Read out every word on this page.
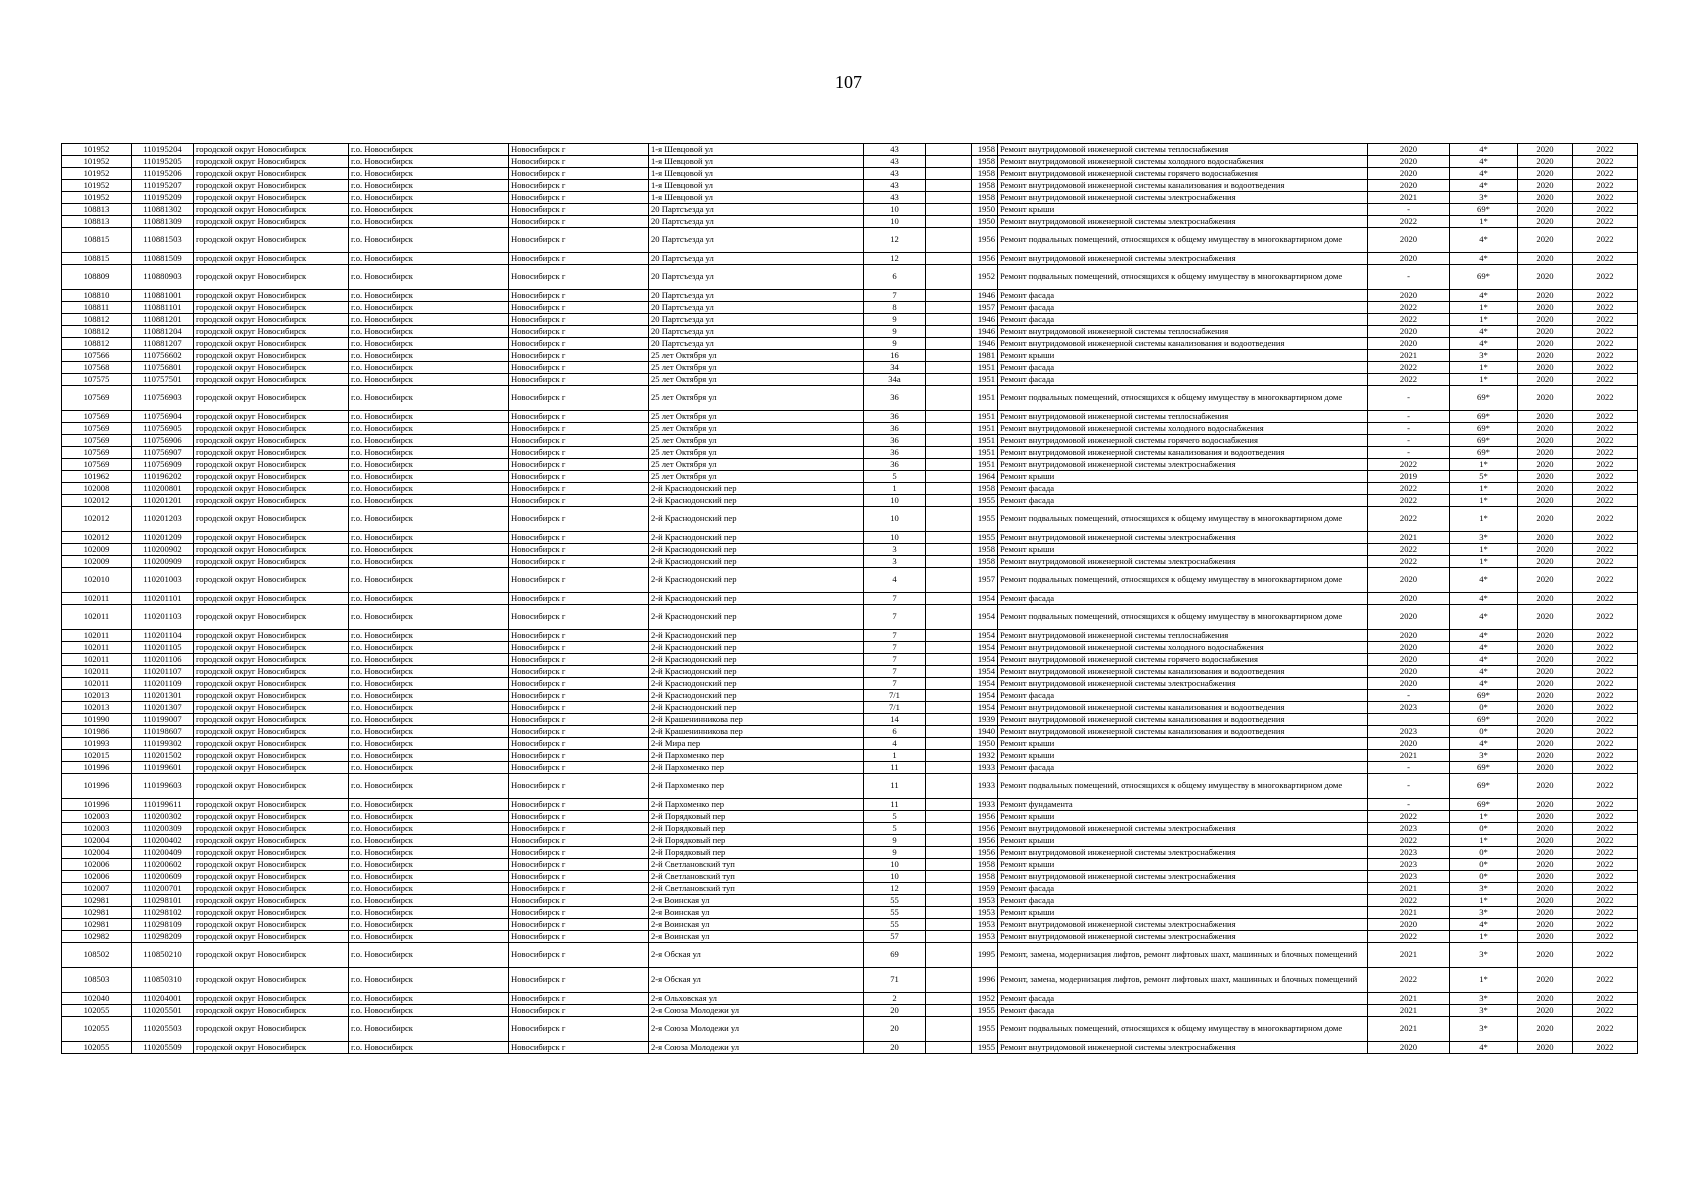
107
101952	110195204	городской округ Новосибирск	г.о. Новосибирск	Новосибирск г	1-я Шевцовой ул	43		1958	Ремонт внутридомовой инженерной системы теплоснабжения	2020	4*	2020	2022
101952	110195205	городской округ Новосибирск	г.о. Новосибирск	Новосибирск г	1-я Шевцовой ул	43		1958	Ремонт внутридомовой инженерной системы холодного водоснабжения	2020	4*	2020	2022
101952	110195206	городской округ Новосибирск	г.о. Новосибирск	Новосибирск г	1-я Шевцовой ул	43		1958	Ремонт внутридомовой инженерной системы горячего водоснабжения	2020	4*	2020	2022
101952	110195207	городской округ Новосибирск	г.о. Новосибирск	Новосибирск г	1-я Шевцовой ул	43		1958	Ремонт внутридомовой инженерной системы канализования и водоотведения	2020	4*	2020	2022
101952	110195209	городской округ Новосибирск	г.о. Новосибирск	Новосибирск г	1-я Шевцовой ул	43		1958	Ремонт внутридомовой инженерной системы электроснабжения	2021	3*	2020	2022
108813	110881302	городской округ Новосибирск	г.о. Новосибирск	Новосибирск г	20 Партсъезда ул	10		1950	Ремонт крыши	-	69*	2020	2022
108813	110881309	городской округ Новосибирск	г.о. Новосибирск	Новосибирск г	20 Партсъезда ул	10		1950	Ремонт внутридомовой инженерной системы электроснабжения	2022	1*	2020	2022
108815	110881503	городской округ Новосибирск	г.о. Новосибирск	Новосибирск г	20 Партсъезда ул	12		1956	Ремонт подвальных помещений, относящихся к общему имуществу в многоквартирном доме	2020	4*	2020	2022
108815	110881509	городской округ Новосибирск	г.о. Новосибирск	Новосибирск г	20 Партсъезда ул	12		1956	Ремонт внутридомовой инженерной системы электроснабжения	2020	4*	2020	2022
108809	110880903	городской округ Новосибирск	г.о. Новосибирск	Новосибирск г	20 Партсъезда ул	6		1952	Ремонт подвальных помещений, относящихся к общему имуществу в многоквартирном доме	-	69*	2020	2022
108810	110881001	городской округ Новосибирск	г.о. Новосибирск	Новосибирск г	20 Партсъезда ул	7		1946	Ремонт фасада	2020	4*	2020	2022
108811	110881101	городской округ Новосибирск	г.о. Новосибирск	Новосибирск г	20 Партсъезда ул	8		1957	Ремонт фасада	2022	1*	2020	2022
108812	110881201	городской округ Новосибирск	г.о. Новосибирск	Новосибирск г	20 Партсъезда ул	9		1946	Ремонт фасада	2022	1*	2020	2022
108812	110881204	городской округ Новосибирск	г.о. Новосибирск	Новосибирск г	20 Партсъезда ул	9		1946	Ремонт внутридомовой инженерной системы теплоснабжения	2020	4*	2020	2022
108812	110881207	городской округ Новосибирск	г.о. Новосибирск	Новосибирск г	20 Партсъезда ул	9		1946	Ремонт внутридомовой инженерной системы канализования и водоотведения	2020	4*	2020	2022
107566	110756602	городской округ Новосибирск	г.о. Новосибирск	Новосибирск г	25 лет Октября ул	16		1981	Ремонт крыши	2021	3*	2020	2022
107568	110756801	городской округ Новосибирск	г.о. Новосибирск	Новосибирск г	25 лет Октября ул	34		1951	Ремонт фасада	2022	1*	2020	2022
107575	110757501	городской округ Новосибирск	г.о. Новосибирск	Новосибирск г	25 лет Октября ул	34а		1951	Ремонт фасада	2022	1*	2020	2022
107569	110756903	городской округ Новосибирск	г.о. Новосибирск	Новосибирск г	25 лет Октября ул	36		1951	Ремонт подвальных помещений, относящихся к общему имуществу в многоквартирном доме	-	69*	2020	2022
107569	110756904	городской округ Новосибирск	г.о. Новосибирск	Новосибирск г	25 лет Октября ул	36		1951	Ремонт внутридомовой инженерной системы теплоснабжения	-	69*	2020	2022
107569	110756905	городской округ Новосибирск	г.о. Новосибирск	Новосибирск г	25 лет Октября ул	36		1951	Ремонт внутридомовой инженерной системы холодного водоснабжения	-	69*	2020	2022
107569	110756906	городской округ Новосибирск	г.о. Новосибирск	Новосибирск г	25 лет Октября ул	36		1951	Ремонт внутридомовой инженерной системы горячего водоснабжения	-	69*	2020	2022
107569	110756907	городской округ Новосибирск	г.о. Новосибирск	Новосибирск г	25 лет Октября ул	36		1951	Ремонт внутридомовой инженерной системы канализования и водоотведения	-	69*	2020	2022
107569	110756909	городской округ Новосибирск	г.о. Новосибирск	Новосибирск г	25 лет Октября ул	36		1951	Ремонт внутридомовой инженерной системы электроснабжения	2022	1*	2020	2022
101962	110196202	городской округ Новосибирск	г.о. Новосибирск	Новосибирск г	25 лет Октября ул	5		1964	Ремонт крыши	2019	5*	2020	2022
102008	110200801	городской округ Новосибирск	г.о. Новосибирск	Новосибирск г	2-й Краснодонский пер	1		1958	Ремонт фасада	2022	1*	2020	2022
102012	110201201	городской округ Новосибирск	г.о. Новосибирск	Новосибирск г	2-й Краснодонский пер	10		1955	Ремонт фасада	2022	1*	2020	2022
102012	110201203	городской округ Новосибирск	г.о. Новосибирск	Новосибирск г	2-й Краснодонский пер	10		1955	Ремонт подвальных помещений, относящихся к общему имуществу в многоквартирном доме	2022	1*	2020	2022
102012	110201209	городской округ Новосибирск	г.о. Новосибирск	Новосибирск г	2-й Краснодонский пер	10		1955	Ремонт внутридомовой инженерной системы электроснабжения	2021	3*	2020	2022
102009	110200902	городской округ Новосибирск	г.о. Новосибирск	Новосибирск г	2-й Краснодонский пер	3		1958	Ремонт крыши	2022	1*	2020	2022
102009	110200909	городской округ Новосибирск	г.о. Новосибирск	Новосибирск г	2-й Краснодонский пер	3		1958	Ремонт внутридомовой инженерной системы электроснабжения	2022	1*	2020	2022
102010	110201003	городской округ Новосибирск	г.о. Новосибирск	Новосибирск г	2-й Краснодонский пер	4		1957	Ремонт подвальных помещений, относящихся к общему имуществу в многоквартирном доме	2020	4*	2020	2022
102011	110201101	городской округ Новосибирск	г.о. Новосибирск	Новосибирск г	2-й Краснодонский пер	7		1954	Ремонт фасада	2020	4*	2020	2022
102011	110201103	городской округ Новосибирск	г.о. Новосибирск	Новосибирск г	2-й Краснодонский пер	7		1954	Ремонт подвальных помещений, относящихся к общему имуществу в многоквартирном доме	2020	4*	2020	2022
102011	110201104	городской округ Новосибирск	г.о. Новосибирск	Новосибирск г	2-й Краснодонский пер	7		1954	Ремонт внутридомовой инженерной системы теплоснабжения	2020	4*	2020	2022
102011	110201105	городской округ Новосибирск	г.о. Новосибирск	Новосибирск г	2-й Краснодонский пер	7		1954	Ремонт внутридомовой инженерной системы холодного водоснабжения	2020	4*	2020	2022
102011	110201106	городской округ Новосибирск	г.о. Новосибирск	Новосибирск г	2-й Краснодонский пер	7		1954	Ремонт внутридомовой инженерной системы горячего водоснабжения	2020	4*	2020	2022
102011	110201107	городской округ Новосибирск	г.о. Новосибирск	Новосибирск г	2-й Краснодонский пер	7		1954	Ремонт внутридомовой инженерной системы канализования и водоотведения	2020	4*	2020	2022
102011	110201109	городской округ Новосибирск	г.о. Новосибирск	Новосибирск г	2-й Краснодонский пер	7		1954	Ремонт внутридомовой инженерной системы электроснабжения	2020	4*	2020	2022
102013	110201301	городской округ Новосибирск	г.о. Новосибирск	Новосибирск г	2-й Краснодонский пер	7/1		1954	Ремонт фасада	-	69*	2020	2022
102013	110201307	городской округ Новосибирск	г.о. Новосибирск	Новосибирск г	2-й Краснодонский пер	7/1		1954	Ремонт внутридомовой инженерной системы канализования и водоотведения	2023	0*	2020	2022
101990	110199007	городской округ Новосибирск	г.о. Новосибирск	Новосибирск г	2-й Крашенинникова пер	14		1939	Ремонт внутридомовой инженерной системы канализования и водоотведения		69*	2020	2022
101986	110198607	городской округ Новосибирск	г.о. Новосибирск	Новосибирск г	2-й Крашенинникова пер	6		1940	Ремонт внутридомовой инженерной системы канализования и водоотведения	2023	0*	2020	2022
101993	110199302	городской округ Новосибирск	г.о. Новосибирск	Новосибирск г	2-й Мира пер	4		1950	Ремонт крыши	2020	4*	2020	2022
102015	110201502	городской округ Новосибирск	г.о. Новосибирск	Новосибирск г	2-й Пархоменко пер	1		1932	Ремонт крыши	2021	3*	2020	2022
101996	110199601	городской округ Новосибирск	г.о. Новосибирск	Новосибирск г	2-й Пархоменко пер	11		1933	Ремонт фасада	-	69*	2020	2022
101996	110199603	городской округ Новосибирск	г.о. Новосибирск	Новосибирск г	2-й Пархоменко пер	11		1933	Ремонт подвальных помещений, относящихся к общему имуществу в многоквартирном доме	-	69*	2020	2022
101996	110199611	городской округ Новосибирск	г.о. Новосибирск	Новосибирск г	2-й Пархоменко пер	11		1933	Ремонт фундамента	-	69*	2020	2022
102003	110200302	городской округ Новосибирск	г.о. Новосибирск	Новосибирск г	2-й Порядковый пер	5		1956	Ремонт крыши	2022	1*	2020	2022
102003	110200309	городской округ Новосибирск	г.о. Новосибирск	Новосибирск г	2-й Порядковый пер	5		1956	Ремонт внутридомовой инженерной системы электроснабжения	2023	0*	2020	2022
102004	110200402	городской округ Новосибирск	г.о. Новосибирск	Новосибирск г	2-й Порядковый пер	9		1956	Ремонт крыши	2022	1*	2020	2022
102004	110200409	городской округ Новосибирск	г.о. Новосибирск	Новосибирск г	2-й Порядковый пер	9		1956	Ремонт внутридомовой инженерной системы электроснабжения	2023	0*	2020	2022
102006	110200602	городской округ Новосибирск	г.о. Новосибирск	Новосибирск г	2-й Светлановский туп	10		1958	Ремонт крыши	2023	0*	2020	2022
102006	110200609	городской округ Новосибирск	г.о. Новосибирск	Новосибирск г	2-й Светлановский туп	10		1958	Ремонт внутридомовой инженерной системы электроснабжения	2023	0*	2020	2022
102007	110200701	городской округ Новосибирск	г.о. Новосибирск	Новосибирск г	2-й Светлановский туп	12		1959	Ремонт фасада	2021	3*	2020	2022
102981	110298101	городской округ Новосибирск	г.о. Новосибирск	Новосибирск г	2-я Воинская ул	55		1953	Ремонт фасада	2022	1*	2020	2022
102981	110298102	городской округ Новосибирск	г.о. Новосибирск	Новосибирск г	2-я Воинская ул	55		1953	Ремонт крыши	2021	3*	2020	2022
102981	110298109	городской округ Новосибирск	г.о. Новосибирск	Новосибирск г	2-я Воинская ул	55		1953	Ремонт внутридомовой инженерной системы электроснабжения	2020	4*	2020	2022
102982	110298209	городской округ Новосибирск	г.о. Новосибирск	Новосибирск г	2-я Воинская ул	57		1953	Ремонт внутридомовой инженерной системы электроснабжения	2022	1*	2020	2022
108502	110850210	городской округ Новосибирск	г.о. Новосибирск	Новосибирск г	2-я Обская ул	69		1995	Ремонт, замена, модернизация лифтов, ремонт лифтовых шахт, машинных и блочных помещений	2021	3*	2020	2022
108503	110850310	городской округ Новосибирск	г.о. Новосибирск	Новосибирск г	2-я Обская ул	71		1996	Ремонт, замена, модернизация лифтов, ремонт лифтовых шахт, машинных и блочных помещений	2022	1*	2020	2022
102040	110204001	городской округ Новосибирск	г.о. Новосибирск	Новосибирск г	2-я Ольховская ул	2		1952	Ремонт фасада	2021	3*	2020	2022
102055	110205501	городской округ Новосибирск	г.о. Новосибирск	Новосибирск г	2-я Союза Молодежи ул	20		1955	Ремонт фасада	2021	3*	2020	2022
102055	110205503	городской округ Новосибирск	г.о. Новосибирск	Новосибирск г	2-я Союза Молодежи ул	20		1955	Ремонт подвальных помещений, относящихся к общему имуществу в многоквартирном доме	2021	3*	2020	2022
102055	110205509	городской округ Новосибирск	г.о. Новосибирск	Новосибирск г	2-я Союза Молодежи ул	20		1955	Ремонт внутридомовой инженерной системы электроснабжения	2020	4*	2020	2022
